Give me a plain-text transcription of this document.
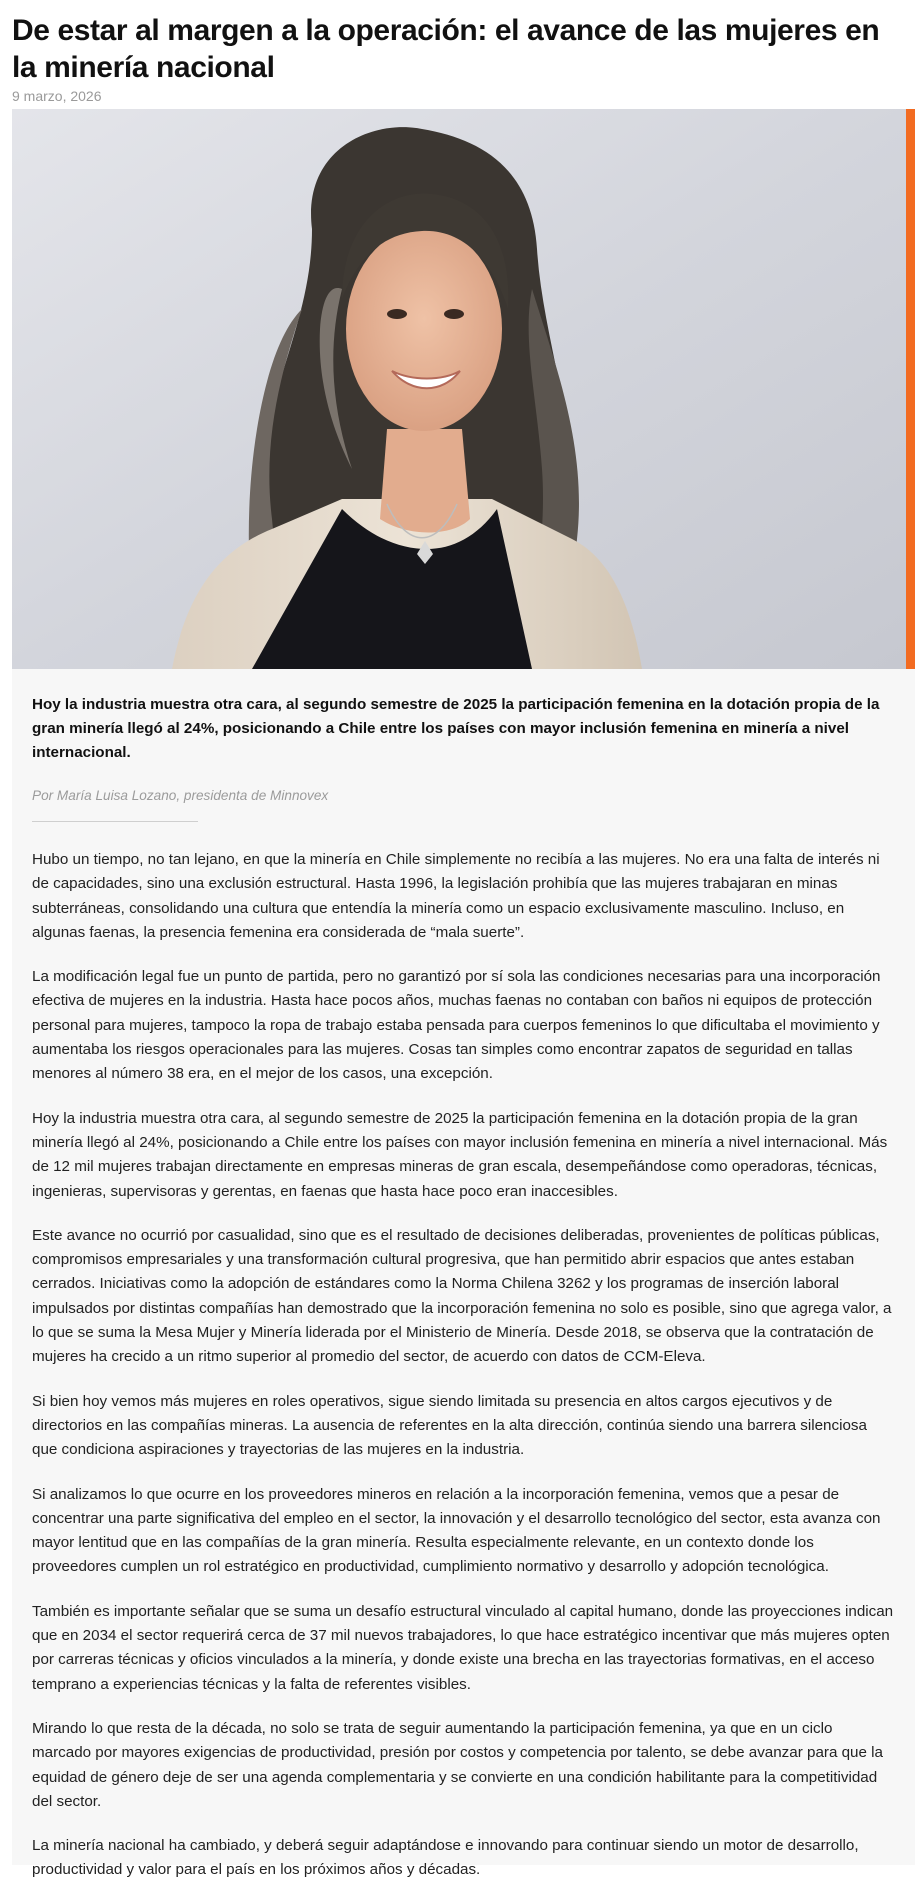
De estar al margen a la operación: el avance de las mujeres en la minería nacional
9 marzo, 2026

Hoy la industria muestra otra cara, al segundo semestre de 2025 la participación femenina en la dotación propia de la gran minería llegó al 24%, posicionando a Chile entre los países con mayor inclusión femenina en minería a nivel internacional.

Por María Luisa Lozano, presidenta de Minnovex

Hubo un tiempo, no tan lejano, en que la minería en Chile simplemente no recibía a las mujeres. No era una falta de interés ni de capacidades, sino una exclusión estructural. Hasta 1996, la legislación prohibía que las mujeres trabajaran en minas subterráneas, consolidando una cultura que entendía la minería como un espacio exclusivamente masculino. Incluso, en algunas faenas, la presencia femenina era considerada de “mala suerte”.

La modificación legal fue un punto de partida, pero no garantizó por sí sola las condiciones necesarias para una incorporación efectiva de mujeres en la industria. Hasta hace pocos años, muchas faenas no contaban con baños ni equipos de protección personal para mujeres, tampoco la ropa de trabajo estaba pensada para cuerpos femeninos lo que dificultaba el movimiento y aumentaba los riesgos operacionales para las mujeres. Cosas tan simples como encontrar zapatos de seguridad en tallas menores al número 38 era, en el mejor de los casos, una excepción.

Hoy la industria muestra otra cara, al segundo semestre de 2025 la participación femenina en la dotación propia de la gran minería llegó al 24%, posicionando a Chile entre los países con mayor inclusión femenina en minería a nivel internacional. Más de 12 mil mujeres trabajan directamente en empresas mineras de gran escala, desempeñándose como operadoras, técnicas, ingenieras, supervisoras y gerentas, en faenas que hasta hace poco eran inaccesibles.

Este avance no ocurrió por casualidad, sino que es el resultado de decisiones deliberadas, provenientes de políticas públicas, compromisos empresariales y una transformación cultural progresiva, que han permitido abrir espacios que antes estaban cerrados. Iniciativas como la adopción de estándares como la Norma Chilena 3262 y los programas de inserción laboral impulsados por distintas compañías han demostrado que la incorporación femenina no solo es posible, sino que agrega valor, a lo que se suma la Mesa Mujer y Minería liderada por el Ministerio de Minería. Desde 2018, se observa que la contratación de mujeres ha crecido a un ritmo superior al promedio del sector, de acuerdo con datos de CCM-Eleva.

Si bien hoy vemos más mujeres en roles operativos, sigue siendo limitada su presencia en altos cargos ejecutivos y de directorios en las compañías mineras. La ausencia de referentes en la alta dirección, continúa siendo una barrera silenciosa que condiciona aspiraciones y trayectorias de las mujeres en la industria.

Si analizamos lo que ocurre en los proveedores mineros en relación a la incorporación femenina, vemos que a pesar de concentrar una parte significativa del empleo en el sector, la innovación y el desarrollo tecnológico del sector, esta avanza con mayor lentitud que en las compañías de la gran minería. Resulta especialmente relevante, en un contexto donde los proveedores cumplen un rol estratégico en productividad, cumplimiento normativo y desarrollo y adopción tecnológica.

También es importante señalar que se suma un desafío estructural vinculado al capital humano, donde las proyecciones indican que en 2034 el sector requerirá cerca de 37 mil nuevos trabajadores, lo que hace estratégico incentivar que más mujeres opten por carreras técnicas y oficios vinculados a la minería, y donde existe una brecha en las trayectorias formativas, en el acceso temprano a experiencias técnicas y la falta de referentes visibles.

Mirando lo que resta de la década, no solo se trata de seguir aumentando la participación femenina, ya que en un ciclo marcado por mayores exigencias de productividad, presión por costos y competencia por talento, se debe avanzar para que la equidad de género deje de ser una agenda complementaria y se convierte en una condición habilitante para la competitividad del sector.

La minería nacional ha cambiado, y deberá seguir adaptándose e innovando para continuar siendo un motor de desarrollo, productividad y valor para el país en los próximos años y décadas.
